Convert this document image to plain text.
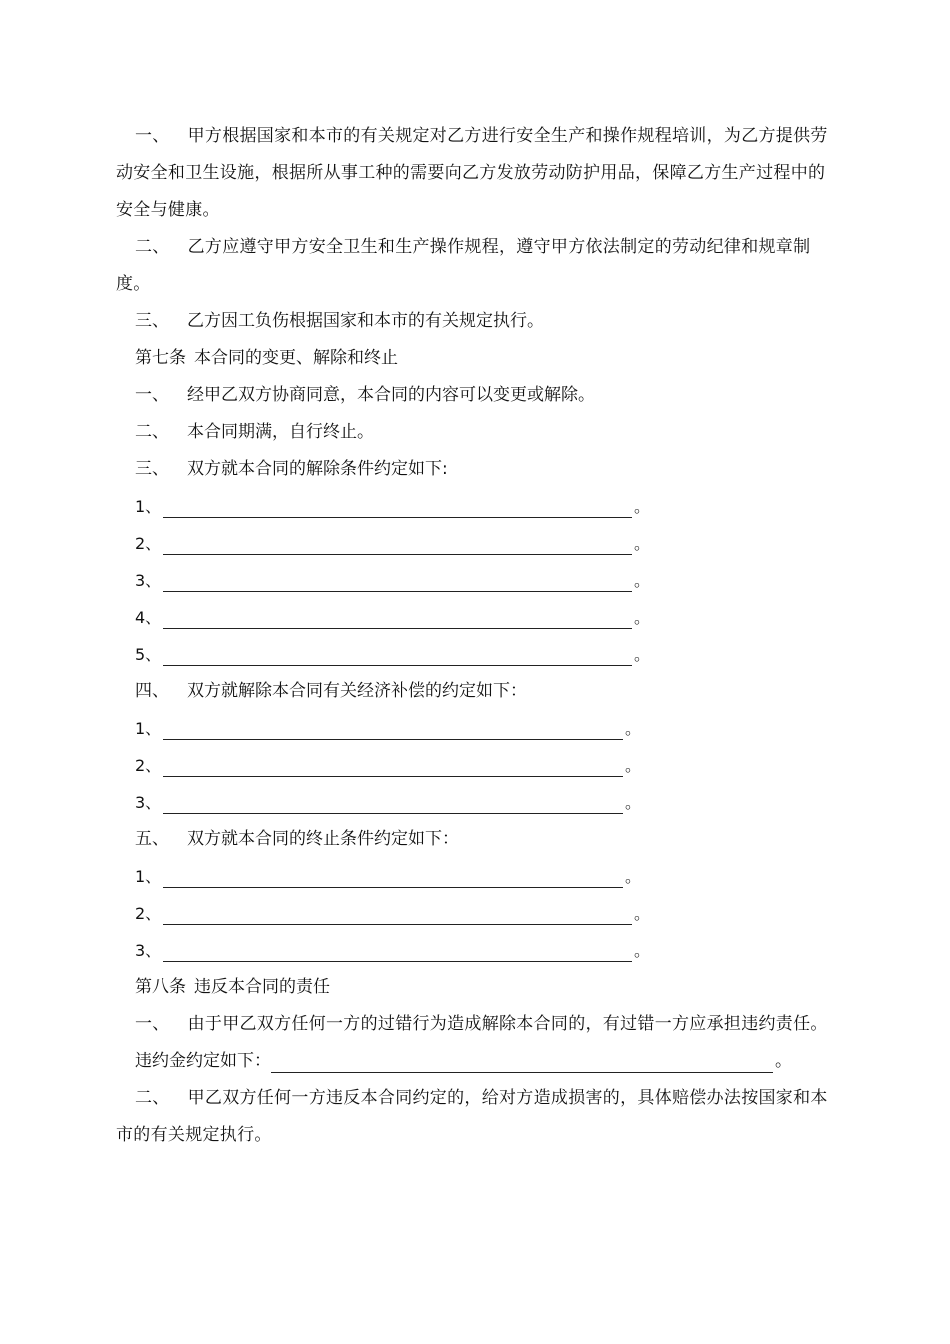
一、 甲方根据国家和本市的有关规定对乙方进行安全生产和操作规程培训，为乙方提供劳动安全和卫生设施，根据所从事工种的需要向乙方发放劳动防护用品，保障乙方生产过程中的安全与健康。

二、 乙方应遵守甲方安全卫生和生产操作规程，遵守甲方依法制定的劳动纪律和规章制度。

三、 乙方因工负伤根据国家和本市的有关规定执行。

第七条 本合同的变更、解除和终止

一、 经甲乙双方协商同意，本合同的内容可以变更或解除。

二、 本合同期满，自行终止。

三、 双方就本合同的解除条件约定如下:

1、	。
2、	。
3、	。
4、	。
5、	。

四、 双方就解除本合同有关经济补偿的约定如下：

1、	。
2、	。
3、	。

五、 双方就本合同的终止条件约定如下：

1、	。
2、	。
3、	。

第八条 违反本合同的责任

一、 由于甲乙双方任何一方的过错行为造成解除本合同的，有过错一方应承担违约责任。

违约金约定如下：	。

二、 甲乙双方任何一方违反本合同约定的，给对方造成损害的，具体赔偿办法按国家和本市的有关规定执行。
